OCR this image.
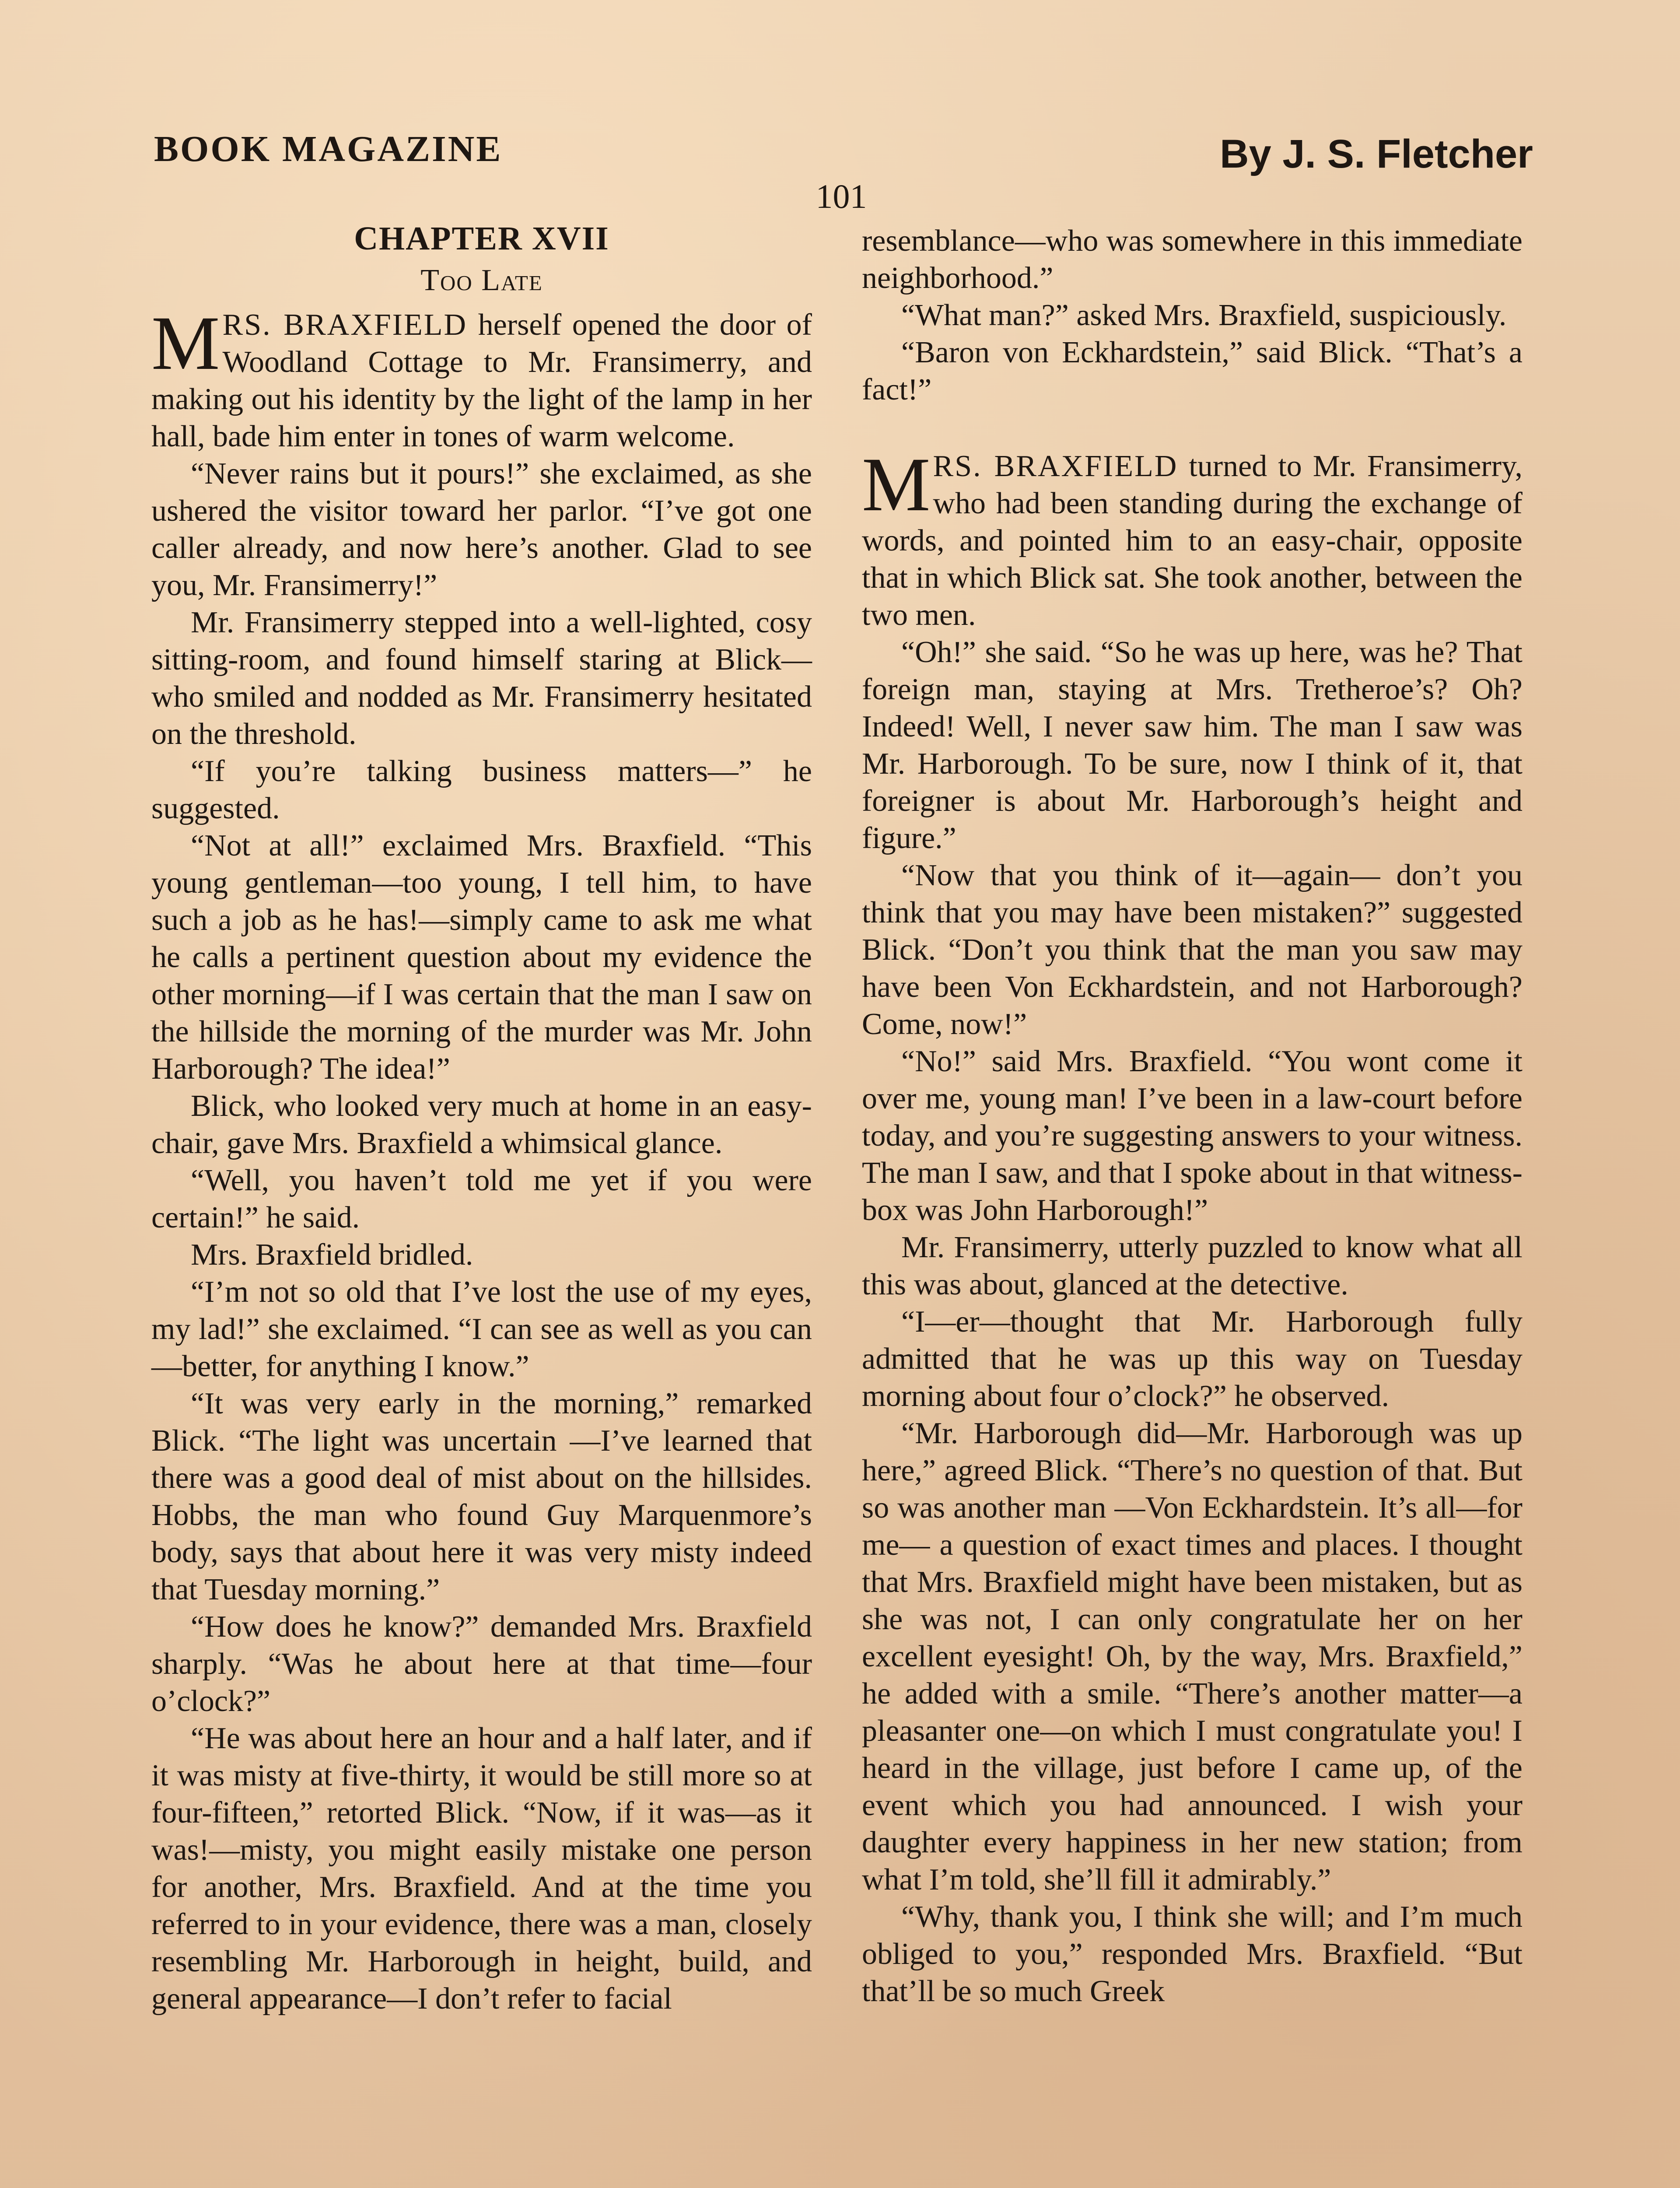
BOOK MAGAZINE	By J. S. Fletcher
101
CHAPTER XVII
Too Late

MRS. BRAXFIELD herself opened the door of Woodland Cottage to Mr. Fransimerry, and making out his identity by the light of the lamp in her hall, bade him enter in tones of warm welcome.

“Never rains but it pours!” she exclaimed, as she ushered the visitor toward her parlor. “I’ve got one caller already, and now here’s another. Glad to see you, Mr. Fransimerry!”

Mr. Fransimerry stepped into a well-lighted, cosy sitting-room, and found himself staring at Blick—who smiled and nodded as Mr. Fransimerry hesitated on the threshold.

“If you’re talking business matters—” he suggested.

“Not at all!” exclaimed Mrs. Braxfield. “This young gentleman—too young, I tell him, to have such a job as he has!—simply came to ask me what he calls a pertinent question about my evidence the other morning—if I was certain that the man I saw on the hillside the morning of the murder was Mr. John Harborough? The idea!”

Blick, who looked very much at home in an easy-chair, gave Mrs. Braxfield a whimsical glance.

“Well, you haven’t told me yet if you were certain!” he said.

Mrs. Braxfield bridled.

“I’m not so old that I’ve lost the use of my eyes, my lad!” she exclaimed. “I can see as well as you can—better, for anything I know.”

“It was very early in the morning,” remarked Blick. “The light was uncertain —I’ve learned that there was a good deal of mist about on the hillsides. Hobbs, the man who found Guy Marquenmore’s body, says that about here it was very misty indeed that Tuesday morning.”

“How does he know?” demanded Mrs. Braxfield sharply. “Was he about here at that time—four o’clock?”

“He was about here an hour and a half later, and if it was misty at five-thirty, it would be still more so at four-fifteen,” retorted Blick. “Now, if it was—as it was!—misty, you might easily mistake one person for another, Mrs. Braxfield. And at the time you referred to in your evidence, there was a man, closely resembling Mr. Harborough in height, build, and general appearance—I don’t refer to facial

resemblance—who was somewhere in this immediate neighborhood.”

“What man?” asked Mrs. Braxfield, suspiciously.

“Baron von Eckhardstein,” said Blick. “That’s a fact!”

MRS. BRAXFIELD turned to Mr. Fransimerry, who had been standing during the exchange of words, and pointed him to an easy-chair, opposite that in which Blick sat. She took another, between the two men.

“Oh!” she said. “So he was up here, was he? That foreign man, staying at Mrs. Tretheroe’s? Oh? Indeed! Well, I never saw him. The man I saw was Mr. Harborough. To be sure, now I think of it, that foreigner is about Mr. Harborough’s height and figure.”

“Now that you think of it—again— don’t you think that you may have been mistaken?” suggested Blick. “Don’t you think that the man you saw may have been Von Eckhardstein, and not Harborough? Come, now!”

“No!” said Mrs. Braxfield. “You wont come it over me, young man! I’ve been in a law-court before today, and you’re suggesting answers to your witness. The man I saw, and that I spoke about in that witness-box was John Harborough!”

Mr. Fransimerry, utterly puzzled to know what all this was about, glanced at the detective.

“I—er—thought that Mr. Harborough fully admitted that he was up this way on Tuesday morning about four o’clock?” he observed.

“Mr. Harborough did—Mr. Harborough was up here,” agreed Blick. “There’s no question of that. But so was another man —Von Eckhardstein. It’s all—for me— a question of exact times and places. I thought that Mrs. Braxfield might have been mistaken, but as she was not, I can only congratulate her on her excellent eyesight! Oh, by the way, Mrs. Braxfield,” he added with a smile. “There’s another matter—a pleasanter one—on which I must congratulate you! I heard in the village, just before I came up, of the event which you had announced. I wish your daughter every happiness in her new station; from what I’m told, she’ll fill it admirably.”

“Why, thank you, I think she will; and I’m much obliged to you,” responded Mrs. Braxfield. “But that’ll be so much Greek
